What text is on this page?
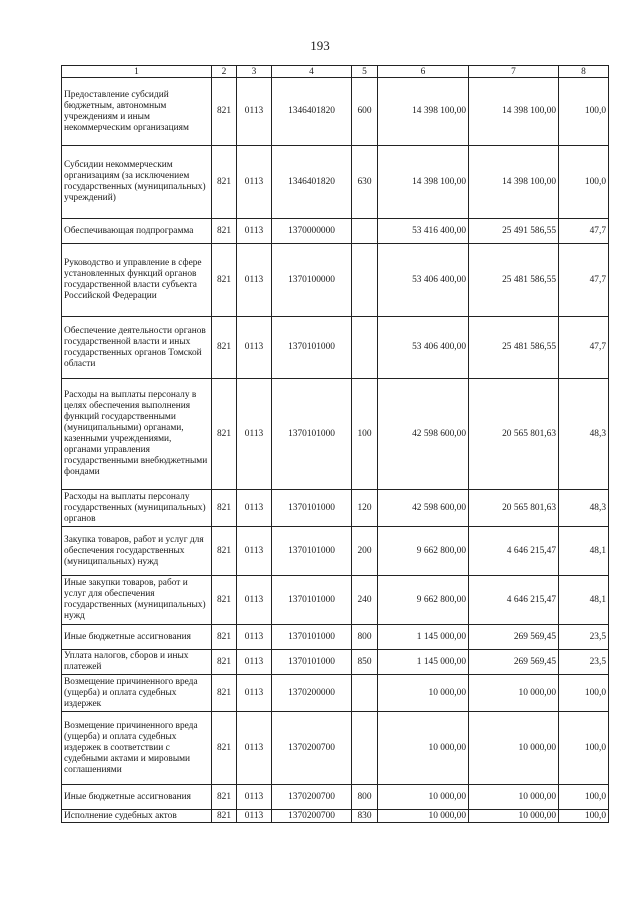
193
1	2	3	4	5	6	7	8
Предоставление субсидий бюджетным, автономным учреждениям и иным некоммерческим организациям	821	0113	1346401820	600	14 398 100,00	14 398 100,00	100,0
Субсидии некоммерческим организациям (за исключением государственных (муниципальных) учреждений)	821	0113	1346401820	630	14 398 100,00	14 398 100,00	100,0
Обеспечивающая подпрограмма	821	0113	1370000000		53 416 400,00	25 491 586,55	47,7
Руководство и управление в сфере установленных функций органов государственной власти субъекта Российской Федерации	821	0113	1370100000		53 406 400,00	25 481 586,55	47,7
Обеспечение деятельности органов государственной власти и иных государственных органов Томской области	821	0113	1370101000		53 406 400,00	25 481 586,55	47,7
Расходы на выплаты персоналу в целях обеспечения выполнения функций государственными (муниципальными) органами, казенными учреждениями, органами управления государственными внебюджетными фондами	821	0113	1370101000	100	42 598 600,00	20 565 801,63	48,3
Расходы на выплаты персоналу государственных (муниципальных) органов	821	0113	1370101000	120	42 598 600,00	20 565 801,63	48,3
Закупка товаров, работ и услуг для обеспечения государственных (муниципальных) нужд	821	0113	1370101000	200	9 662 800,00	4 646 215,47	48,1
Иные закупки товаров, работ и услуг для обеспечения государственных (муниципальных) нужд	821	0113	1370101000	240	9 662 800,00	4 646 215,47	48,1
Иные бюджетные ассигнования	821	0113	1370101000	800	1 145 000,00	269 569,45	23,5
Уплата налогов, сборов и иных платежей	821	0113	1370101000	850	1 145 000,00	269 569,45	23,5
Возмещение причиненного вреда (ущерба) и оплата судебных издержек	821	0113	1370200000		10 000,00	10 000,00	100,0
Возмещение причиненного вреда (ущерба) и оплата судебных издержек в соответствии с судебными актами и мировыми соглашениями	821	0113	1370200700		10 000,00	10 000,00	100,0
Иные бюджетные ассигнования	821	0113	1370200700	800	10 000,00	10 000,00	100,0
Исполнение судебных актов	821	0113	1370200700	830	10 000,00	10 000,00	100,0
